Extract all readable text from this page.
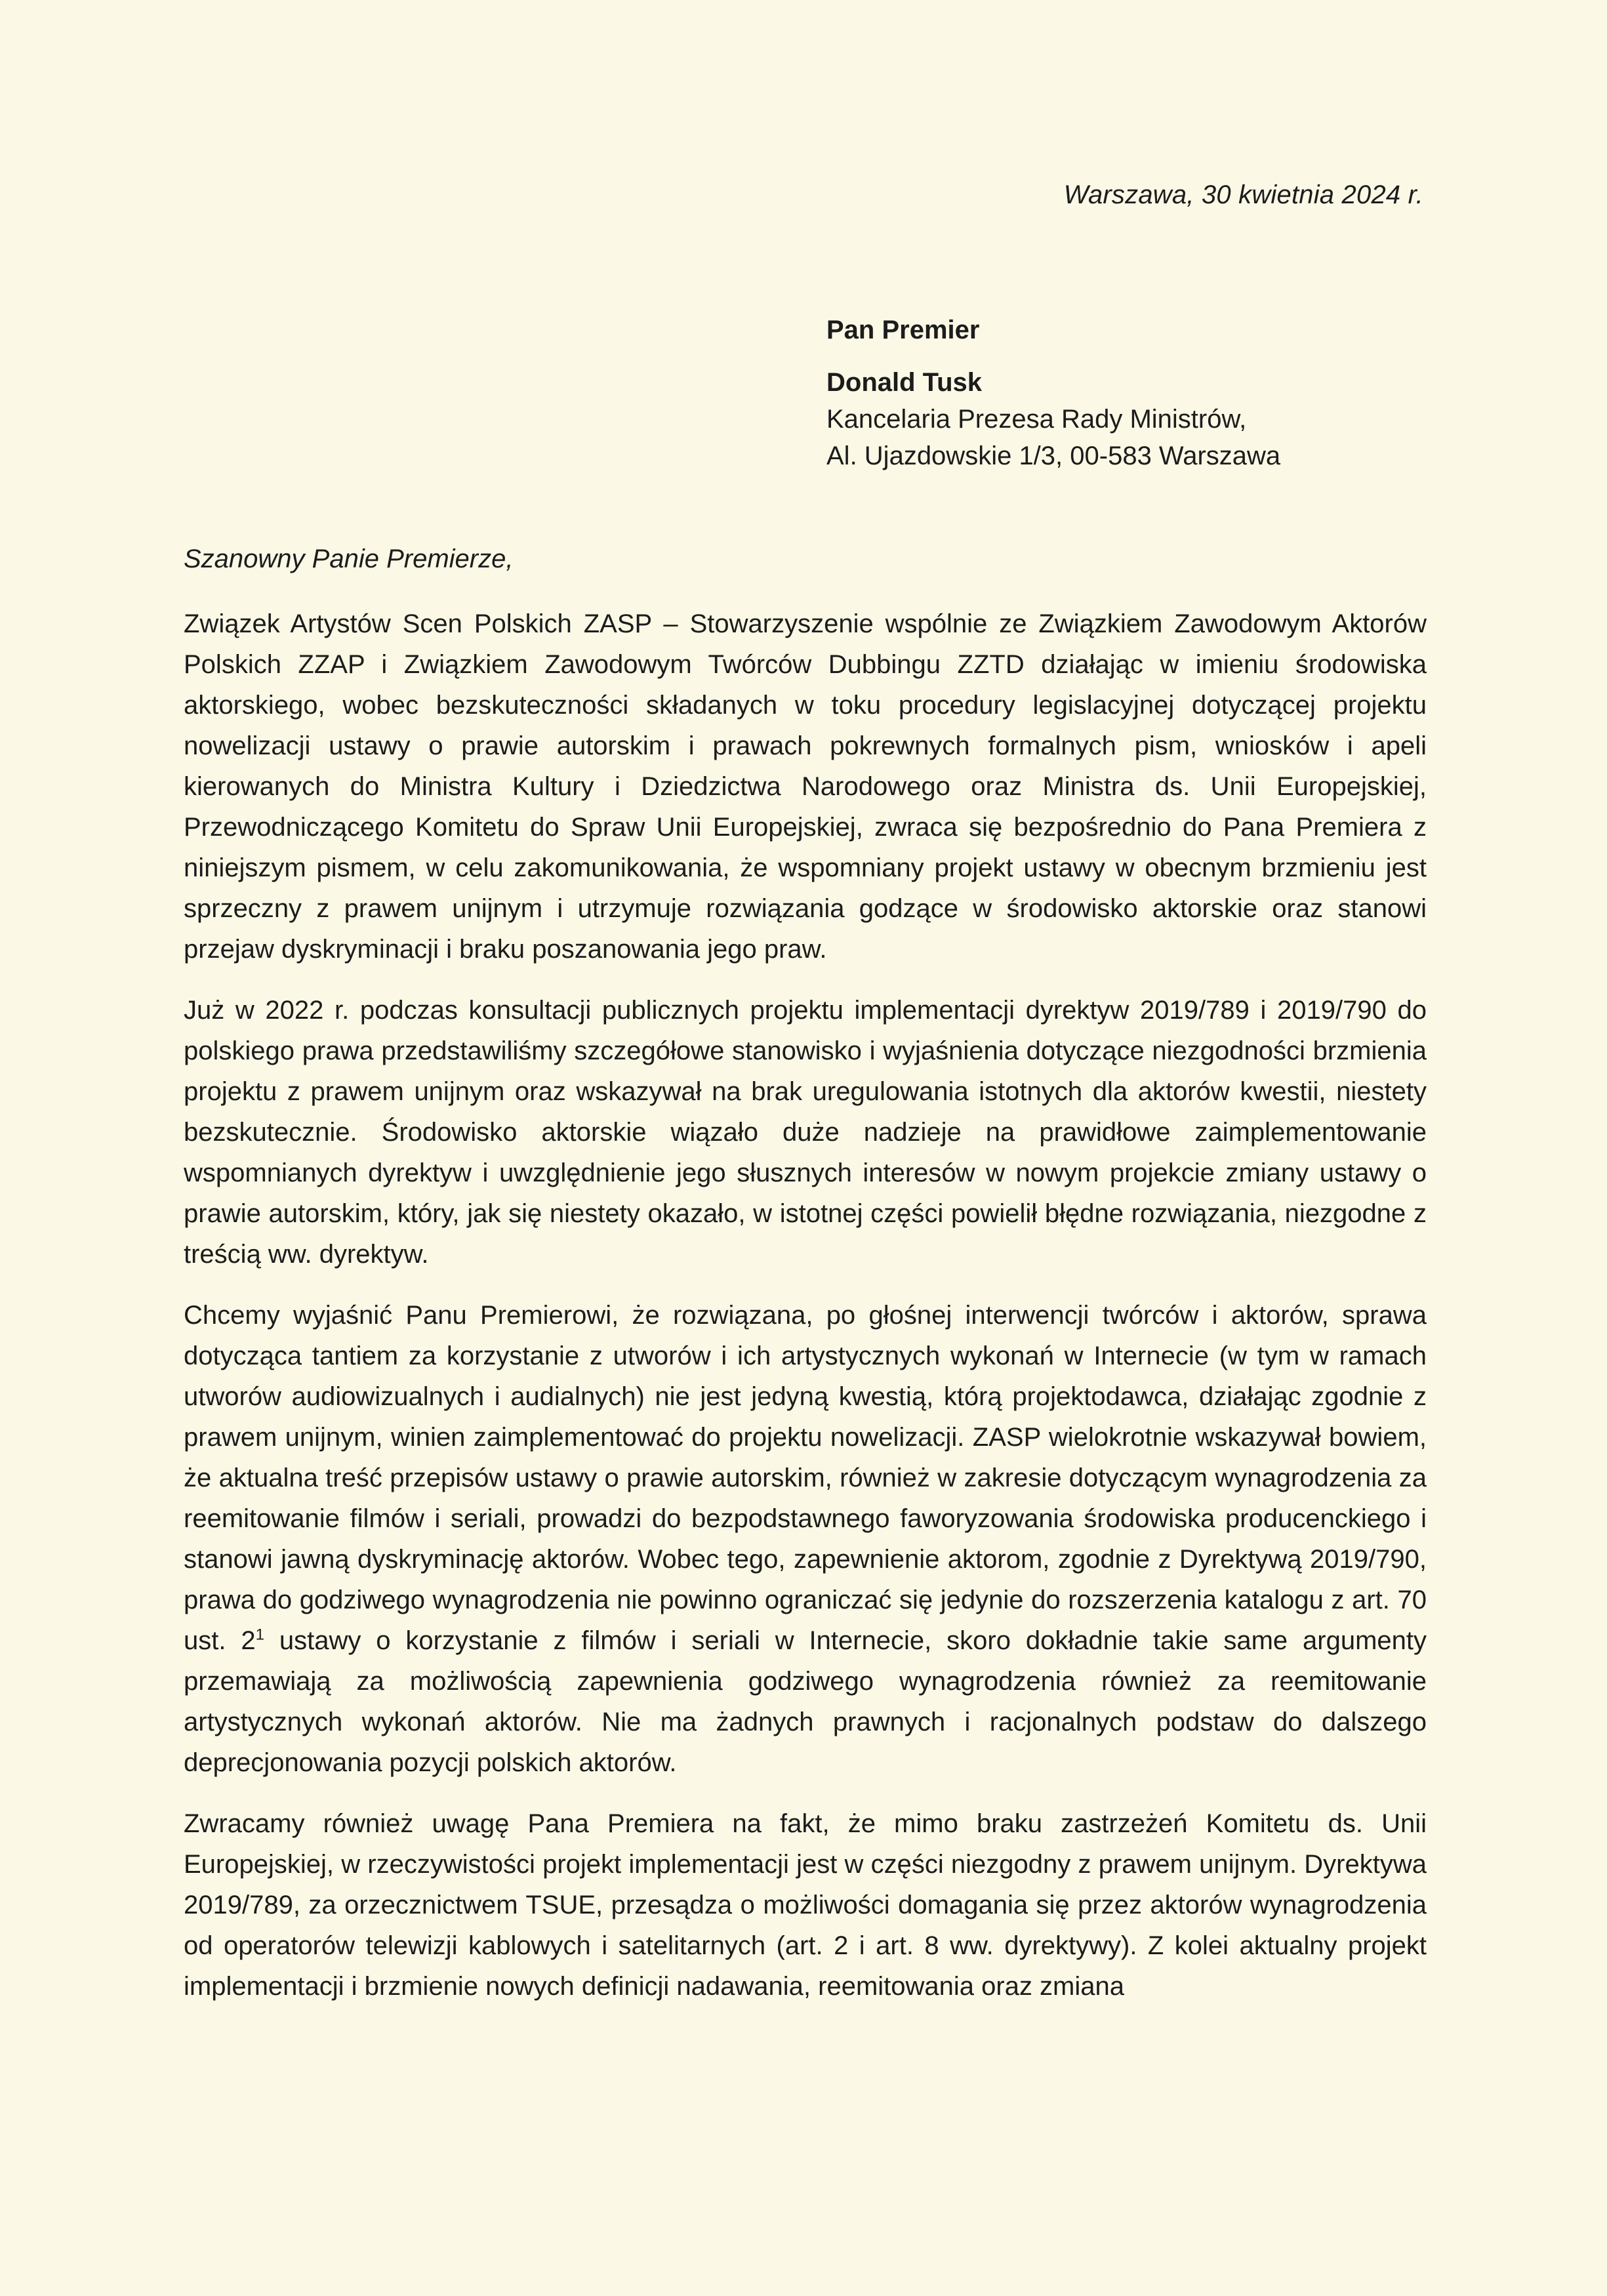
Warszawa, 30 kwietnia 2024 r.
Pan Premier
Donald Tusk
Kancelaria Prezesa Rady Ministrów,
Al. Ujazdowskie 1/3, 00-583 Warszawa
Szanowny Panie Premierze,

Związek Artystów Scen Polskich ZASP – Stowarzyszenie wspólnie ze Związkiem Zawodowym Aktorów Polskich ZZAP i Związkiem Zawodowym Twórców Dubbingu ZZTD działając w imieniu środowiska aktorskiego, wobec bezskuteczności składanych w toku procedury legislacyjnej dotyczącej projektu nowelizacji ustawy o prawie autorskim i prawach pokrewnych formalnych pism, wniosków i apeli kierowanych do Ministra Kultury i Dziedzictwa Narodowego oraz Ministra ds. Unii Europejskiej, Przewodniczącego Komitetu do Spraw Unii Europejskiej, zwraca się bezpośrednio do Pana Premiera z niniejszym pismem, w celu zakomunikowania, że wspomniany projekt ustawy w obecnym brzmieniu jest sprzeczny z prawem unijnym i utrzymuje rozwiązania godzące w środowisko aktorskie oraz stanowi przejaw dyskryminacji i braku poszanowania jego praw.

Już w 2022 r. podczas konsultacji publicznych projektu implementacji dyrektyw 2019/789 i 2019/790 do polskiego prawa przedstawiliśmy szczegółowe stanowisko i wyjaśnienia dotyczące niezgodności brzmienia projektu z prawem unijnym oraz wskazywał na brak uregulowania istotnych dla aktorów kwestii, niestety bezskutecznie. Środowisko aktorskie wiązało duże nadzieje na prawidłowe zaimplementowanie wspomnianych dyrektyw i uwzględnienie jego słusznych interesów w nowym projekcie zmiany ustawy o prawie autorskim, który, jak się niestety okazało, w istotnej części powielił błędne rozwiązania, niezgodne z treścią ww. dyrektyw.

Chcemy wyjaśnić Panu Premierowi, że rozwiązana, po głośnej interwencji twórców i aktorów, sprawa dotycząca tantiem za korzystanie z utworów i ich artystycznych wykonań w Internecie (w tym w ramach utworów audiowizualnych i audialnych) nie jest jedyną kwestią, którą projektodawca, działając zgodnie z prawem unijnym, winien zaimplementować do projektu nowelizacji. ZASP wielokrotnie wskazywał bowiem, że aktualna treść przepisów ustawy o prawie autorskim, również w zakresie dotyczącym wynagrodzenia za reemitowanie filmów i seriali, prowadzi do bezpodstawnego faworyzowania środowiska producenckiego i stanowi jawną dyskryminację aktorów. Wobec tego, zapewnienie aktorom, zgodnie z Dyrektywą 2019/790, prawa do godziwego wynagrodzenia nie powinno ograniczać się jedynie do rozszerzenia katalogu z art. 70 ust. $2^1$ ustawy o korzystanie z filmów i seriali w Internecie, skoro dokładnie takie same argumenty przemawiają za możliwością zapewnienia godziwego wynagrodzenia również za reemitowanie artystycznych wykonań aktorów. Nie ma żadnych prawnych i racjonalnych podstaw do dalszego deprecjonowania pozycji polskich aktorów.

Zwracamy również uwagę Pana Premiera na fakt, że mimo braku zastrzeżeń Komitetu ds. Unii Europejskiej, w rzeczywistości projekt implementacji jest w części niezgodny z prawem unijnym. Dyrektywa 2019/789, za orzecznictwem TSUE, przesądza o możliwości domagania się przez aktorów wynagrodzenia od operatorów telewizji kablowych i satelitarnych (art. 2 i art. 8 ww. dyrektywy). Z kolei aktualny projekt implementacji i brzmienie nowych definicji nadawania, reemitowania oraz zmiana
